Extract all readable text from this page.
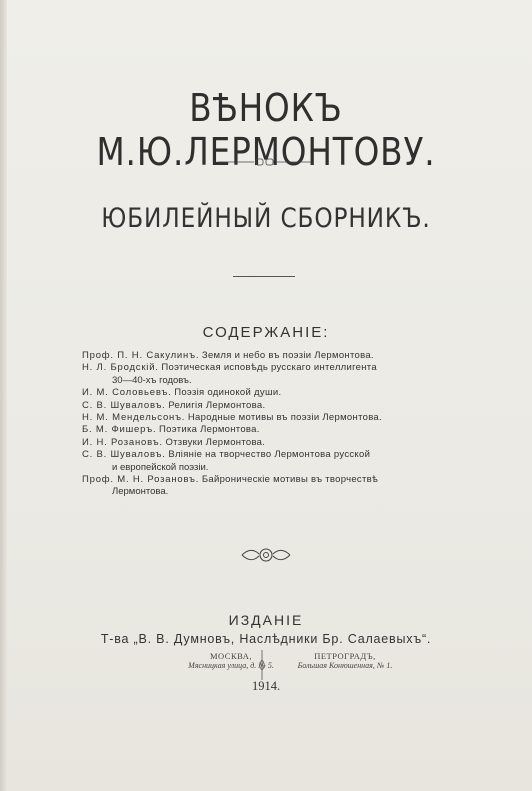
ВѢНОКЪ М.Ю.ЛЕРМОНТОВУ.
ЮБИЛЕЙНЫЙ СБОРНИКЪ.
СОДЕРЖАНIЕ:
Проф. П. Н. Сакулинъ. Земля и небо въ поэзiи Лермонтова.
Н. Л. Бродскiй. Поэтическая исповѣдь русскаго интеллигента
30—40-хъ годовъ.
И. М. Соловьевъ. Поэзiя одинокой души.
С. В. Шуваловъ. Религiя Лермонтова.
Н. М. Мендельсонъ. Народные мотивы въ поэзiи Лермонтова.
Б. М. Фишеръ. Поэтика Лермонтова.
И. Н. Розановъ. Отзвуки Лермонтова.
С. В. Шуваловъ. Влiянiе на творчество Лермонтова русской
и европейской поэзiи.
Проф. М. Н. Розановъ. Байроническiе мотивы въ творчествѣ
Лермонтова.
ИЗДАНIЕ
Т-ва „В. В. Думновъ, Наслѣдники Бр. Салаевыхъ“.
МОСКВА,
Мясницкая улица, д. № 5.
ПЕТРОГРАДЪ,
Большая Конюшенная, № 1.
1914.
